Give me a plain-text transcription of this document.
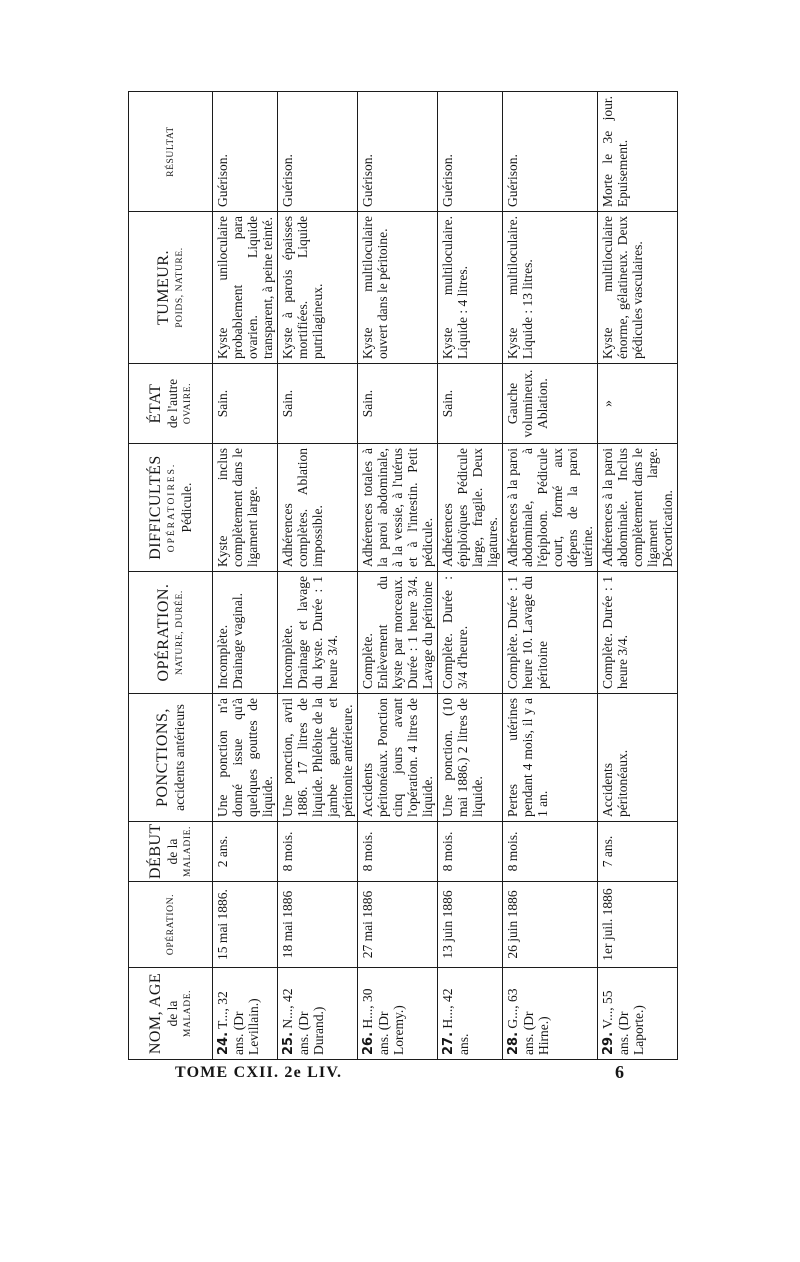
NOM, AGE de la MALADE.	OPÉRATION.	DÉBUT de la MALADIE.	PONCTIONS, accidents antérieurs	OPÉRATION. NATURE, DURÉE.	DIFFICULTÉS OPÉRATOIRES. Pédicule.	ÉTAT de l'autre OVAIRE.	TUMEUR. POIDS, NATURE.	RÉSULTAT

24. T..., 32 ans. (Dr Levillain.)	15 mai 1886.	2 ans.	Une ponction n'a donné issue qu'à quelques gouttes de liquide.	Incomplète. Drainage vaginal.	Kyste inclus complètement dans le ligament large.	Sain.	Kyste uniloculaire probablement para ovarien. Liquide transparent, à peine teinté.	Guérison.

25. N..., 42 ans. (Dr Durand.)	18 mai 1886	8 mois.	Une ponction, avril 1886. 17 litres de liquide. Phlébite de la jambe gauche et péritonite antérieure.	Incomplète. Drainage et lavage du kyste. Durée : 1 heure 3/4.	Adhérences complètes. Ablation impossible.	Sain.	Kyste à parois épaisses mortifiées. Liquide putrilagineux.	Guérison.

26. H..., 30 ans. (Dr Loremy.)	27 mai 1886	8 mois.	Accidents péritonéaux. Ponction cinq jours avant l'opération. 4 litres de liquide.	Complète. Enlèvement du kyste par morceaux. Durée : 1 heure 3/4. Lavage du péritoine	Adhérences totales à la paroi abdominale, à la vessie, à l'utérus et à l'intestin. Petit pédicule.	Sain.	Kyste multiloculaire ouvert dans le péritoine.	Guérison.

27. H..., 42 ans.	13 juin 1886	8 mois.	Une ponction. (10 mai 1886.) 2 litres de liquide.	Complète. Durée : 3/4 d'heure.	Adhérences épiploïques Pédicule large, fragile. Deux ligatures.	Sain.	Kyste multiloculaire. Liquide : 4 litres.	Guérison.

28. G..., 63 ans. (Dr Hirne.)	26 juin 1886	8 mois.	Pertes utérines pendant 4 mois, il y a 1 an.	Complète. Durée : 1 heure 10. Lavage du péritoine	Adhérences à la paroi abdominale, à l'épiploon. Pédicule court, formé aux dépens de la paroi utérine.	Gauche volumineux. Ablation.	Kyste multiloculaire. Liquide : 13 litres.	Guérison.

29. V..., 55 ans. (Dr Laporte.)	1er juil. 1886	7 ans.	Accidents péritonéaux.	Complète. Durée : 1 heure 3/4.	Adhérences à la paroi abdominale. Inclus complètement dans le ligament large. Décortication.	»	Kyste multiloculaire énorme, gélatineux. Deux pédicules vasculaires.	Morte le 3e jour. Epuisement.
TOME CXII. 2e LIV.	6
